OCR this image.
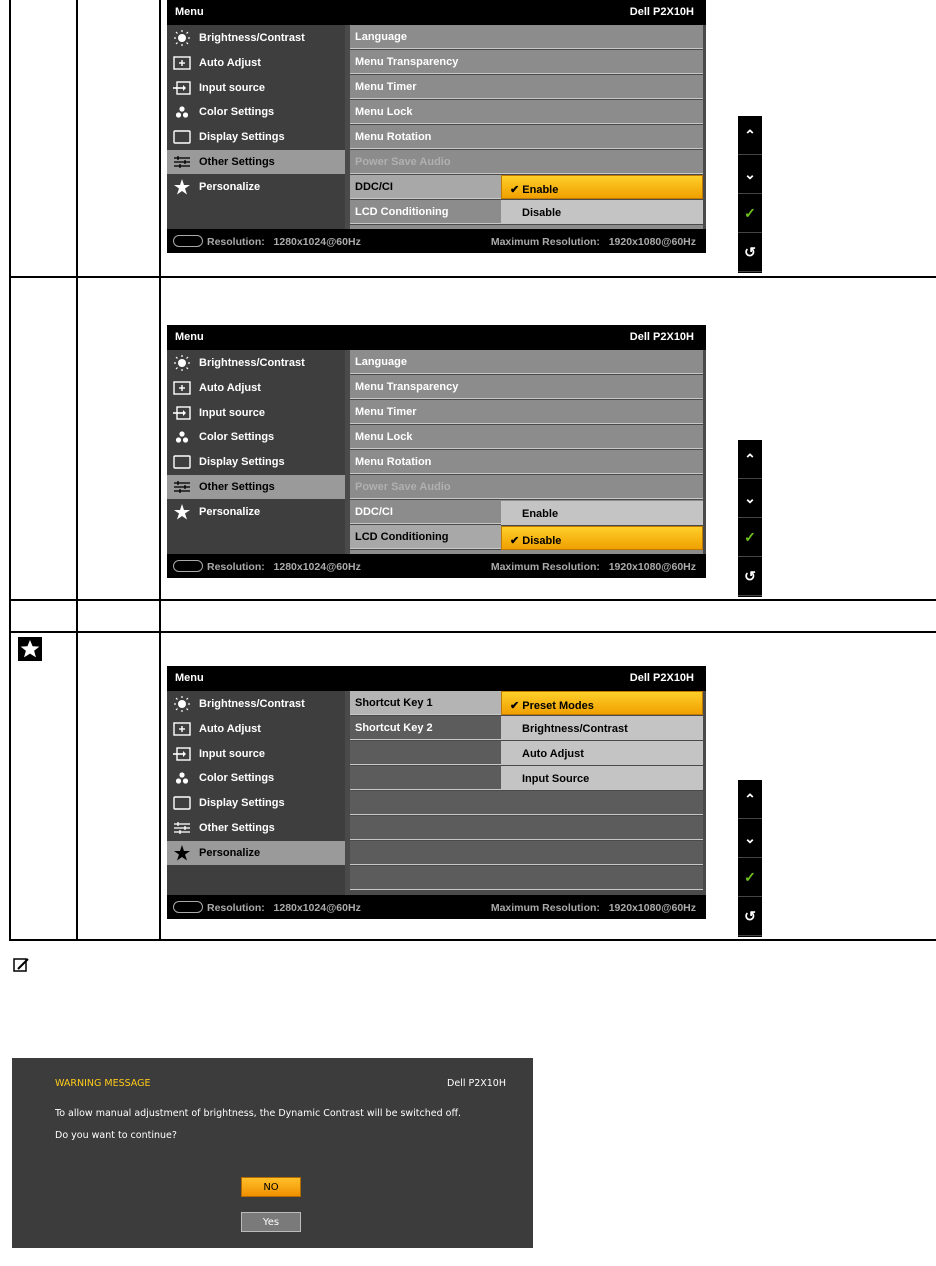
WARNING MESSAGE	Dell P2X10H
To allow manual adjustment of brightness, the Dynamic Contrast will be switched off.
Do you want to continue?
NO
Yes
Menu	Dell P2X10H
Brightness/Contrast
Auto Adjust
Input source
Color Settings
Display Settings
Other Settings
Personalize
Language
Menu Transparency
Menu Timer
Menu Lock
Menu Rotation
Power Save Audio
DDC/CI
LCD Conditioning
✔ Enable
Disable
Resolution: 1280x1024@60Hz	Maximum Resolution: 1920x1080@60Hz
Menu	Dell P2X10H
Brightness/Contrast
Auto Adjust
Input source
Color Settings
Display Settings
Other Settings
Personalize
Language
Menu Transparency
Menu Timer
Menu Lock
Menu Rotation
Power Save Audio
DDC/CI
LCD Conditioning
Enable
✔ Disable
Resolution: 1280x1024@60Hz	Maximum Resolution: 1920x1080@60Hz
Menu	Dell P2X10H
Brightness/Contrast
Auto Adjust
Input source
Color Settings
Display Settings
Other Settings
Personalize
Shortcut Key 1
Shortcut Key 2
✔ Preset Modes
Brightness/Contrast
Auto Adjust
Input Source
Resolution: 1280x1024@60Hz	Maximum Resolution: 1920x1080@60Hz
⌃
⌄
✓
↺
⌃
⌄
✓
↺
⌃
⌄
✓
↺
